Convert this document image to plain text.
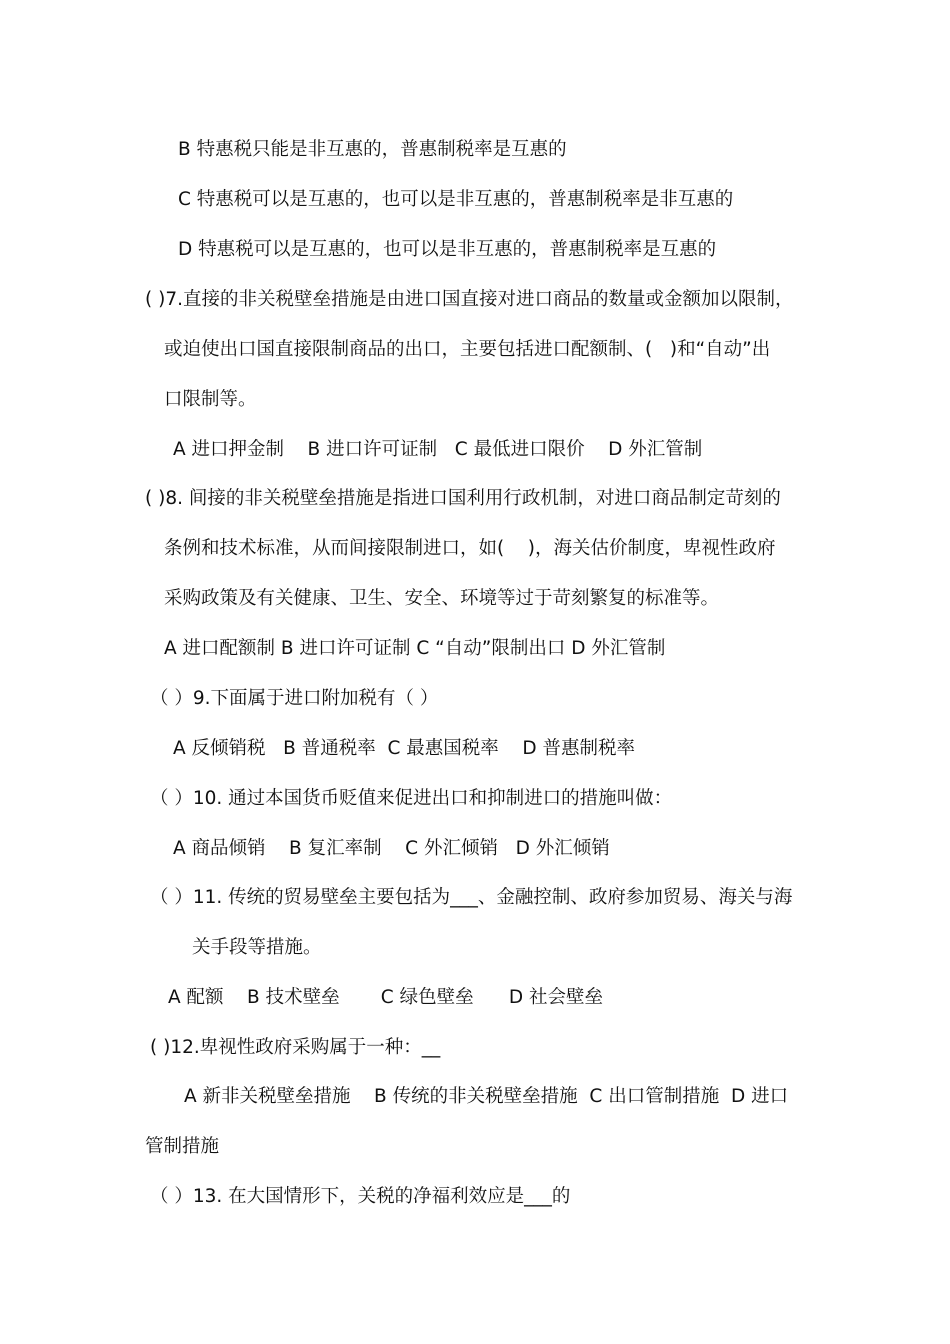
B 特惠税只能是非互惠的，普惠制税率是互惠的
C 特惠税可以是互惠的，也可以是非互惠的，普惠制税率是非互惠的
D 特惠税可以是互惠的，也可以是非互惠的，普惠制税率是互惠的
( )7.直接的非关税壁垒措施是由进口国直接对进口商品的数量或金额加以限制，
或迫使出口国直接限制商品的出口，主要包括进口配额制、(   )和“自动”出
口限制等。
A 进口押金制    B 进口许可证制   C 最低进口限价    D 外汇管制
( )8. 间接的非关税壁垒措施是指进口国利用行政机制，对进口商品制定苛刻的
条例和技术标准，从而间接限制进口，如(    )，海关估价制度，卑视性政府
采购政策及有关健康、卫生、安全、环境等过于苛刻繁复的标准等。
A 进口配额制 B 进口许可证制 C “自动”限制出口 D 外汇管制
（ ）9.下面属于进口附加税有（ ）
A 反倾销税   B 普通税率  C 最惠国税率    D 普惠制税率
（ ）10. 通过本国货币贬值来促进出口和抑制进口的措施叫做：
A 商品倾销    B 复汇率制    C 外汇倾销   D 外汇倾销
（ ）11. 传统的贸易壁垒主要包括为___、金融控制、政府参加贸易、海关与海
关手段等措施。
A 配额    B 技术壁垒       C 绿色壁垒      D 社会壁垒
( )12.卑视性政府采购属于一种：__
A 新非关税壁垒措施    B 传统的非关税壁垒措施  C 出口管制措施  D 进口
管制措施
（ ）13. 在大国情形下，关税的净福利效应是___的
